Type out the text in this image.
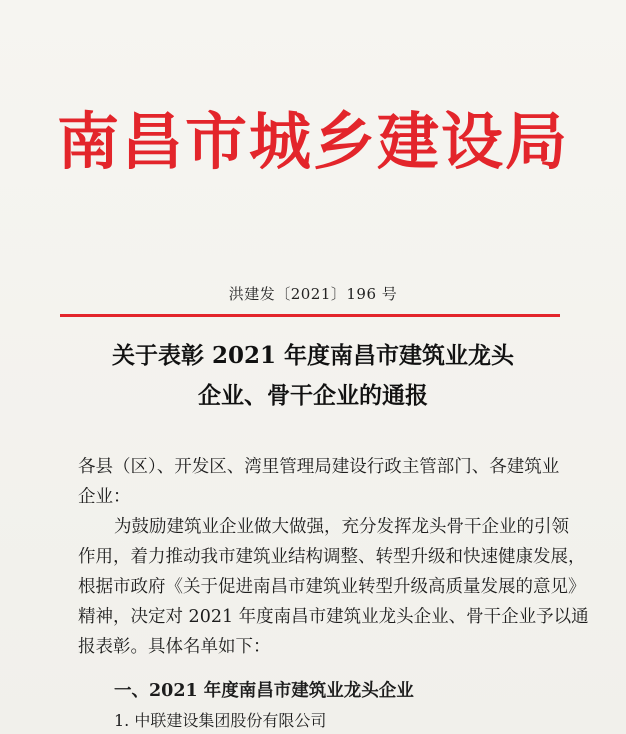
南昌市城乡建设局
洪建发〔2021〕196 号
关于表彰 2021 年度南昌市建筑业龙头
企业、骨干企业的通报

各县（区）、开发区、湾里管理局建设行政主管部门、各建筑业

企业：

为鼓励建筑业企业做大做强，充分发挥龙头骨干企业的引领

作用，着力推动我市建筑业结构调整、转型升级和快速健康发展，

根据市政府《关于促进南昌市建筑业转型升级高质量发展的意见》

精神，决定对 2021 年度南昌市建筑业龙头企业、骨干企业予以通

报表彰。具体名单如下：

一、2021 年度南昌市建筑业龙头企业
1. 中联建设集团股份有限公司
